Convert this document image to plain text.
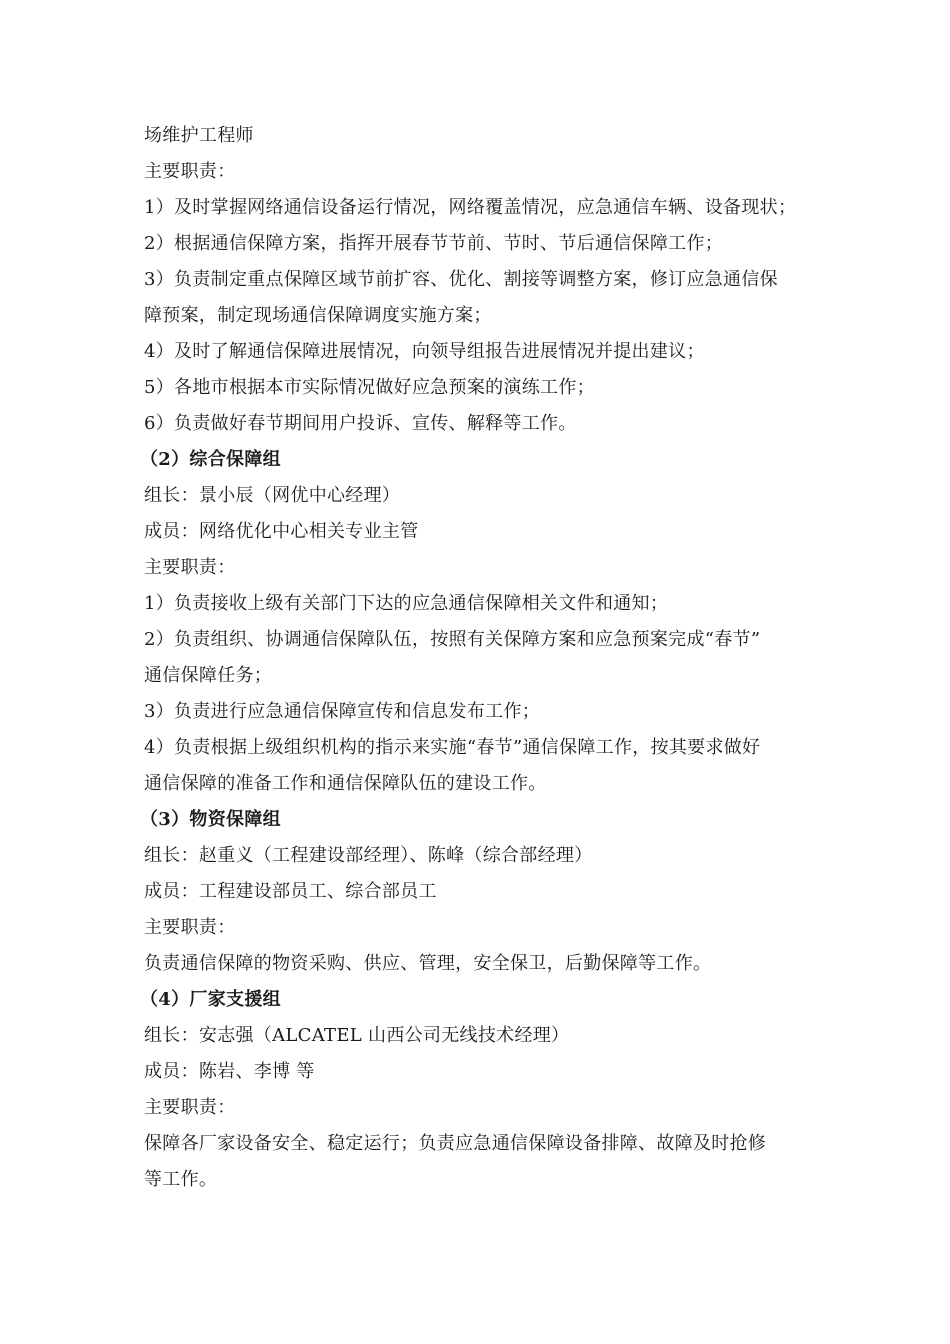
场维护工程师
主要职责：
1）及时掌握网络通信设备运行情况，网络覆盖情况，应急通信车辆、设备现状；
2）根据通信保障方案，指挥开展春节节前、节时、节后通信保障工作；
3）负责制定重点保障区域节前扩容、优化、割接等调整方案，修订应急通信保
障预案，制定现场通信保障调度实施方案；
4）及时了解通信保障进展情况，向领导组报告进展情况并提出建议；
5）各地市根据本市实际情况做好应急预案的演练工作；
6）负责做好春节期间用户投诉、宣传、解释等工作。
（2）综合保障组
组长：景小辰（网优中心经理）
成员：网络优化中心相关专业主管
主要职责：
1）负责接收上级有关部门下达的应急通信保障相关文件和通知；
2）负责组织、协调通信保障队伍，按照有关保障方案和应急预案完成“春节”
通信保障任务；
3）负责进行应急通信保障宣传和信息发布工作；
4）负责根据上级组织机构的指示来实施“春节”通信保障工作，按其要求做好
通信保障的准备工作和通信保障队伍的建设工作。
（3）物资保障组
组长：赵重义（工程建设部经理）、陈峰（综合部经理）
成员：工程建设部员工、综合部员工
主要职责：
负责通信保障的物资采购、供应、管理，安全保卫，后勤保障等工作。
（4）厂家支援组
组长：安志强（ALCATEL 山西公司无线技术经理）
成员：陈岩、李博 等
主要职责：
保障各厂家设备安全、稳定运行；负责应急通信保障设备排障、故障及时抢修
等工作。
